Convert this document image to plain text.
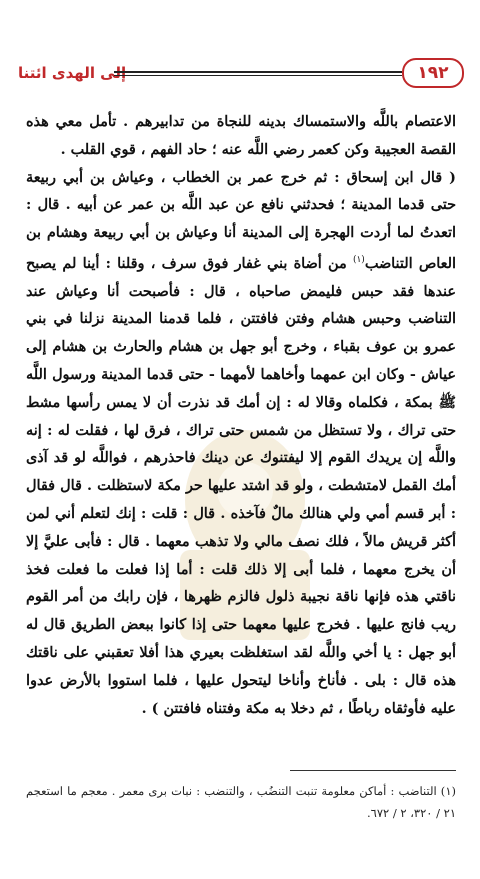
إلى الهدى ائتنا	١٩٢

الاعتصام باللَّه والاستمساك بدينه للنجاة من تدابيرهم . تأمل معي هذه القصة العجيبة وكن كعمر رضي اللَّه عنه ؛ حاد الفهم ، قوي القلب .

( قال ابن إسحاق : ثم خرج عمر بن الخطاب ، وعياش بن أبي ربيعة حتى قدما المدينة ؛ فحدثني نافع عن عبد اللَّه بن عمر عن أبيه . قال : اتعدتُ لما أردت الهجرة إلى المدينة أنا وعياش بن أبي ربيعة وهشام بن العاص التناضب$^{(١)}$ من أضاة بني غفار فوق سرف ، وقلنا : أينا لم يصبح عندها فقد حبس فليمض صاحباه ، قال : فأصبحت أنا وعياش عند التناضب وحبس هشام وفتن فافتتن ، فلما قدمنا المدينة نزلنا في بني عمرو بن عوف بقباء ، وخرج أبو جهل بن هشام والحارث بن هشام إلى عياش - وكان ابن عمهما وأخاهما لأمهما - حتى قدما المدينة ورسول اللَّه ﷺ بمكة ، فكلماه وقالا له : إن أمك قد نذرت أن لا يمس رأسها مشط حتى تراك ، ولا تستظل من شمس حتى تراك ، فرق لها ، فقلت له : إنه واللَّه إن يريدك القوم إلا ليفتنوك عن دينك فاحذرهم ، فواللَّه لو قد آذى أمك القمل لامتشطت ، ولو قد اشتد عليها حر مكة لاستظلت . قال فقال : أبر قسم أمي ولي هنالك مالٌ فآخذه . قال : قلت : إنك لتعلم أني لمن أكثر قريش مالاً ، فلك نصف مالي ولا تذهب معهما . قال : فأبى عليَّ إلا أن يخرج معهما ، فلما أبى إلا ذلك قلت : أما إذا فعلت ما فعلت فخذ ناقتي هذه فإنها ناقة نجيبة ذلول فالزم ظهرها ، فإن رابك من أمر القوم ريب فانج عليها . فخرج عليها معهما حتى إذا كانوا ببعض الطريق قال له أبو جهل : يا أخي واللَّه لقد استغلظت بعيري هذا أفلا تعقبني على ناقتك هذه قال : بلى . فأناخ وأناخا ليتحول عليها ، فلما استووا بالأرض عدوا عليه فأوثقاه رباطًا ، ثم دخلا به مكة وفتناه فافتتن ) .

(١) التناضب : أماكن معلومة تنبت التنضُب ، والتنضب : نبات برى معمر . معجم ما استعجم ٢١ / ٣٢٠، ٢ / ٦٧٢.
